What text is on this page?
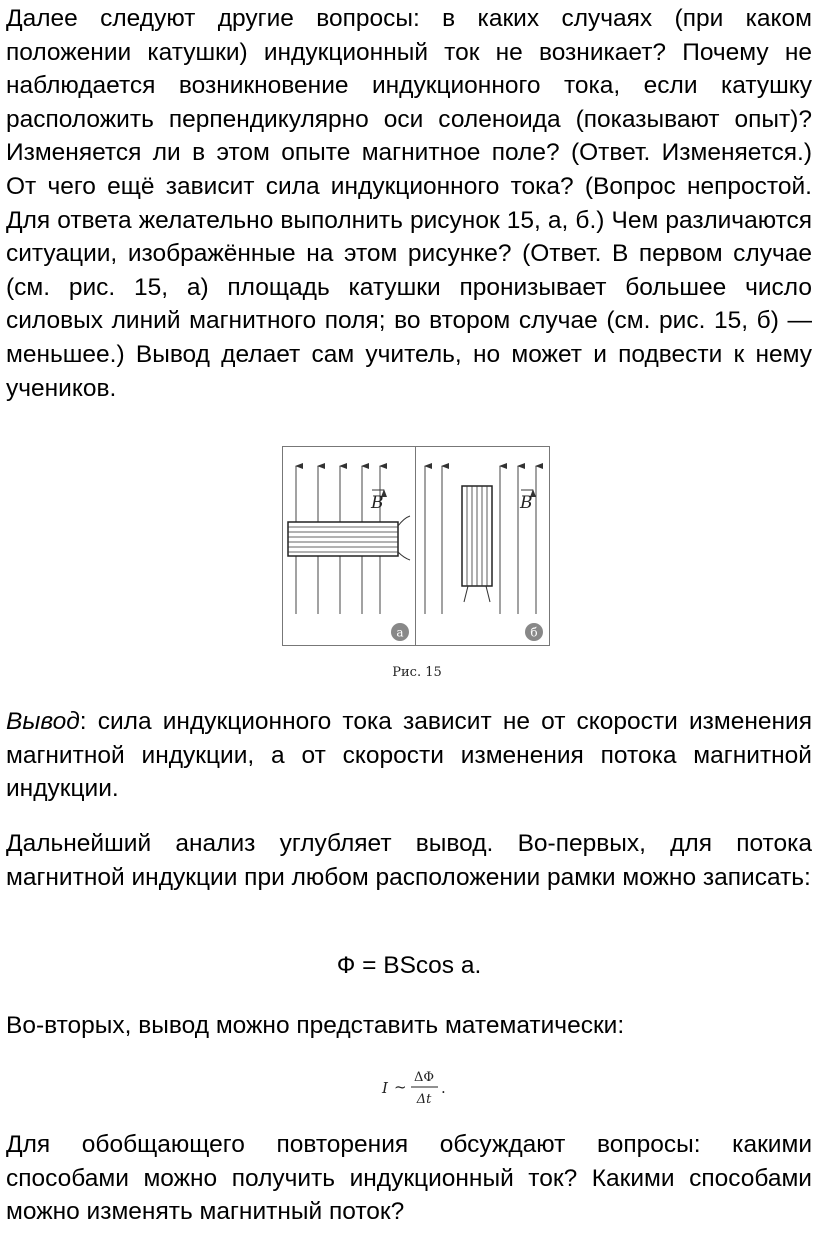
Далее следуют другие вопросы: в каких случаях (при каком положении катушки) индукционный ток не возникает? Почему не наблюдается возникновение индукционного тока, если катушку расположить перпендикулярно оси соленоида (показывают опыт)? Изменяется ли в этом опыте магнитное поле? (Ответ. Изменяется.) От чего ещё зависит сила индукционного тока? (Вопрос непростой. Для ответа желательно выполнить рисунок 15, а, б.) Чем различаются ситуации, изображённые на этом рисунке? (Ответ. В первом случае (см. рис. 15, а) площадь катушки пронизывает большее число силовых линий магнитного поля; во втором случае (см. рис. 15, б) — меньшее.) Вывод делает сам учитель, но может и подвести к нему учеников.

B
а
B
б
Рис. 15

Вывод: сила индукционного тока зависит не от скорости изменения магнитной индукции, а от скорости изменения потока магнитной индукции.

Дальнейший анализ углубляет вывод. Во-первых, для потока магнитной индукции при любом расположении рамки можно записать:

Ф = BScos a.

Во-вторых, вывод можно представить математически:

I ~
ΔΦ
Δt
.

Для обобщающего повторения обсуждают вопросы: какими способами можно получить индукционный ток? Какими способами можно изменять магнитный поток?
